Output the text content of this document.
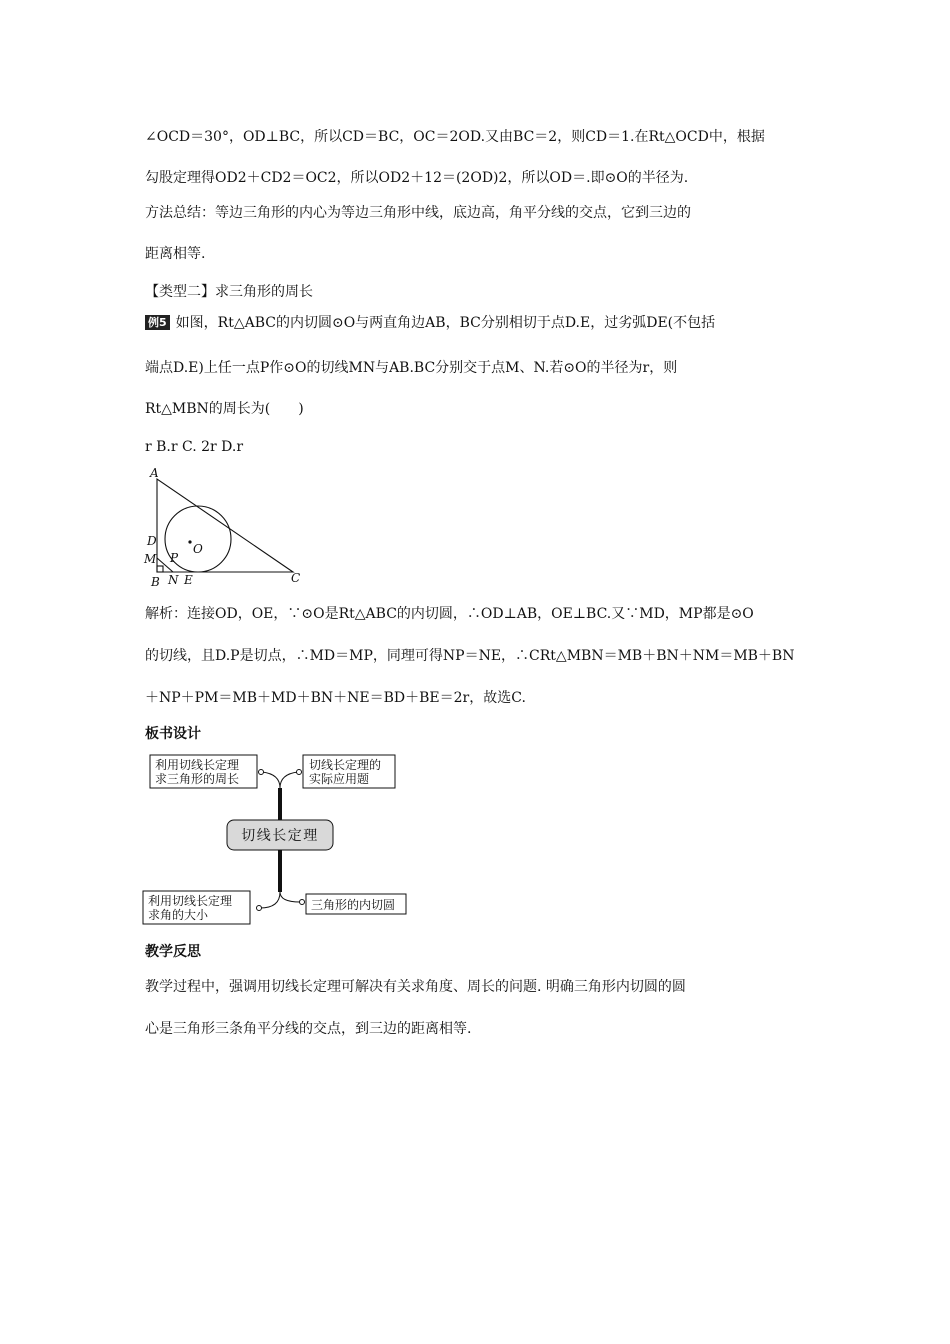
∠OCD＝30°，OD⊥BC，所以CD＝BC，OC＝2OD.又由BC＝2，则CD＝1.在Rt△OCD中，根据
勾股定理得OD2＋CD2＝OC2，所以OD2＋12＝(2OD)2，所以OD＝.即⊙O的半径为.
方法总结：等边三角形的内心为等边三角形中线，底边高，角平分线的交点，它到三边的
距离相等.
【类型二】求三角形的周长
例5 如图，Rt△ABC的内切圆⊙O与两直角边AB，BC分别相切于点D.E，过劣弧DE(不包括
端点D.E)上任一点P作⊙O的切线MN与AB.BC分别交于点M、N.若⊙O的半径为r，则
Rt△MBN的周长为(　　)
r B.r C. 2r D.r
A
D
M P
O
B N E	C
解析：连接OD，OE，∵⊙O是Rt△ABC的内切圆，∴OD⊥AB，OE⊥BC.又∵MD，MP都是⊙O
的切线，且D.P是切点，∴MD＝MP，同理可得NP＝NE，∴CRt△MBN＝MB＋BN＋NM＝MB＋BN
＋NP＋PM＝MB＋MD＋BN＋NE＝BD＋BE＝2r，故选C.
板书设计
利用切线长定理
求三角形的周长
切线长定理的
实际应用题
利用切线长定理
求角的大小
三角形的内切圆
切线长定理
教学反思
教学过程中，强调用切线长定理可解决有关求角度、周长的问题. 明确三角形内切圆的圆
心是三角形三条角平分线的交点，到三边的距离相等.
